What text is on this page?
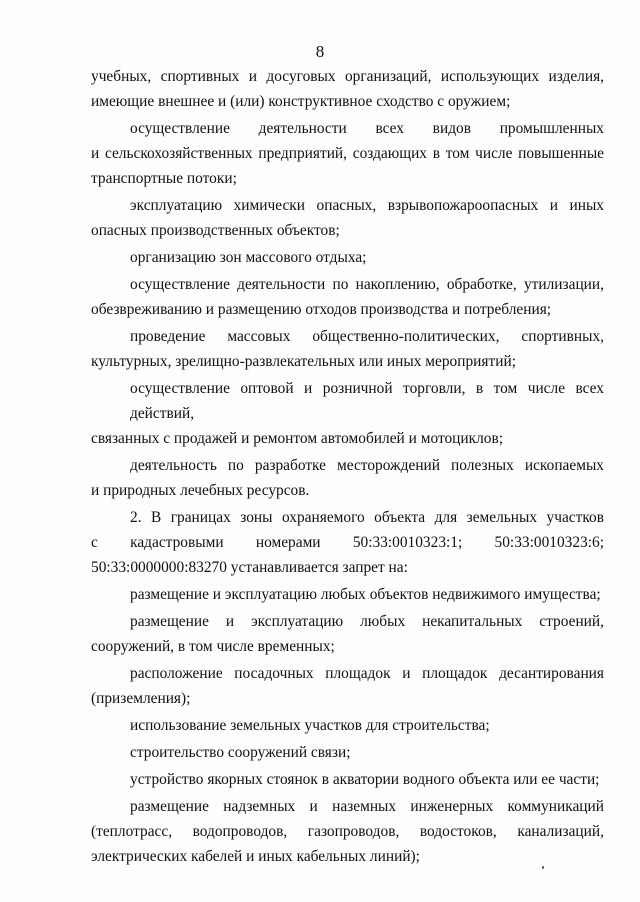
8
учебных, спортивных и досуговых организаций, использующих изделия,
имеющие внешнее и (или) конструктивное сходство с оружием;
осуществление деятельности всех видов промышленных
и сельскохозяйственных предприятий, создающих в том числе повышенные
транспортные потоки;
эксплуатацию химически опасных, взрывопожароопасных и иных
опасных производственных объектов;
организацию зон массового отдыха;
осуществление деятельности по накоплению, обработке, утилизации,
обезвреживанию и размещению отходов производства и потребления;
проведение массовых общественно-политических, спортивных,
культурных, зрелищно-развлекательных или иных мероприятий;
осуществление оптовой и розничной торговли, в том числе всех действий,
связанных с продажей и ремонтом автомобилей и мотоциклов;
деятельность по разработке месторождений полезных ископаемых
и природных лечебных ресурсов.
2. В границах зоны охраняемого объекта для земельных участков
с кадастровыми номерами 50:33:0010323:1; 50:33:0010323:6;
50:33:0000000:83270 устанавливается запрет на:
размещение и эксплуатацию любых объектов недвижимого имущества;
размещение и эксплуатацию любых некапитальных строений,
сооружений, в том числе временных;
расположение посадочных площадок и площадок десантирования
(приземления);
использование земельных участков для строительства;
строительство сооружений связи;
устройство якорных стоянок в акватории водного объекта или ее части;
размещение надземных и наземных инженерных коммуникаций
(теплотрасс, водопроводов, газопроводов, водостоков, канализаций,
электрических кабелей и иных кабельных линий);
